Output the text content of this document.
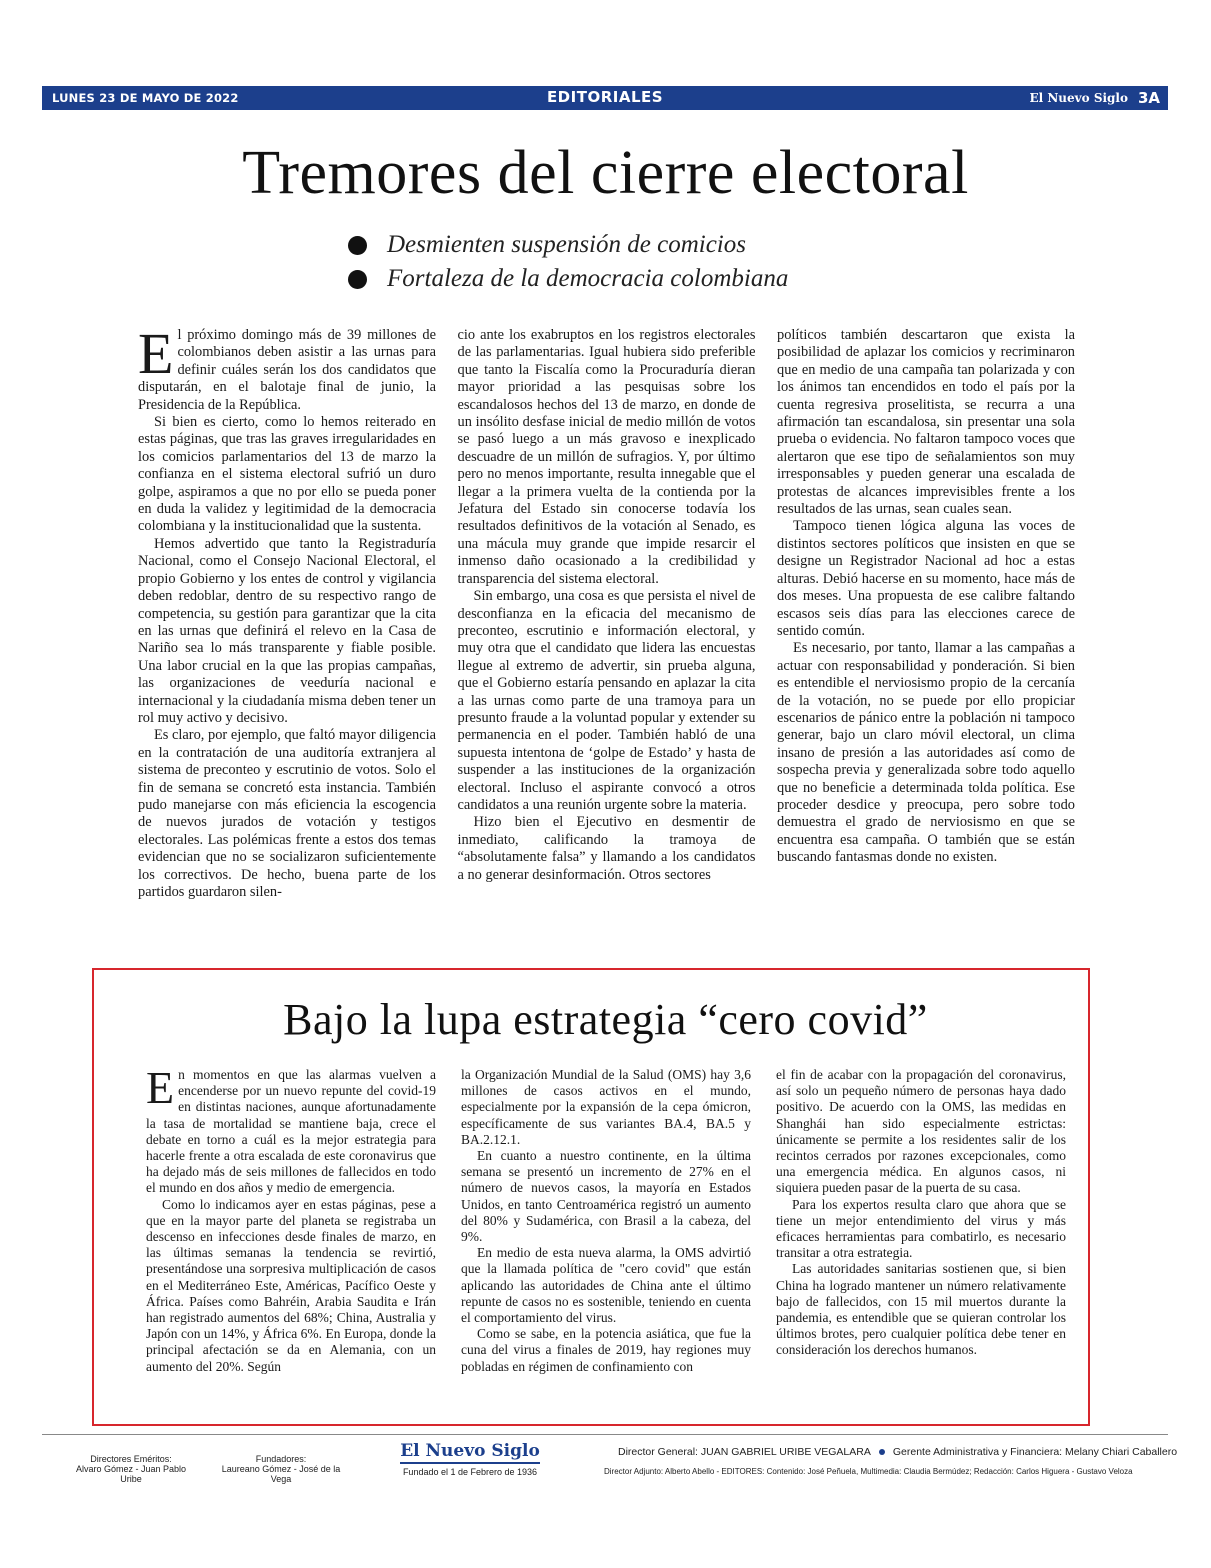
LUNES 23 DE MAYO DE 2022	EDITORIALES	El Nuevo Siglo 3A
Tremores del cierre electoral
Desmienten suspensión de comicios
Fortaleza de la democracia colombiana

El próximo domingo más de 39 millones de colombianos deben asistir a las urnas para definir cuáles serán los dos candidatos que disputarán, en el balotaje final de junio, la Presidencia de la República.

Si bien es cierto, como lo hemos reiterado en estas páginas, que tras las graves irregularidades en los comicios parlamentarios del 13 de marzo la confianza en el sistema electoral sufrió un duro golpe, aspiramos a que no por ello se pueda poner en duda la validez y legitimidad de la democracia colombiana y la institucionalidad que la sustenta.

Hemos advertido que tanto la Registraduría Nacional, como el Consejo Nacional Electoral, el propio Gobierno y los entes de control y vigilancia deben redoblar, dentro de su respectivo rango de competencia, su gestión para garantizar que la cita en las urnas que definirá el relevo en la Casa de Nariño sea lo más transparente y fiable posible. Una labor crucial en la que las propias campañas, las organizaciones de veeduría nacional e internacional y la ciudadanía misma deben tener un rol muy activo y decisivo.

Es claro, por ejemplo, que faltó mayor diligencia en la contratación de una auditoría extranjera al sistema de preconteo y escrutinio de votos. Solo el fin de semana se concretó esta instancia. También pudo manejarse con más eficiencia la escogencia de nuevos jurados de votación y testigos electorales. Las polémicas frente a estos dos temas evidencian que no se socializaron suficientemente los correctivos. De hecho, buena parte de los partidos guardaron silen-

cio ante los exabruptos en los registros electorales de las parlamentarias. Igual hubiera sido preferible que tanto la Fiscalía como la Procuraduría dieran mayor prioridad a las pesquisas sobre los escandalosos hechos del 13 de marzo, en donde de un insólito desfase inicial de medio millón de votos se pasó luego a un más gravoso e inexplicado descuadre de un millón de sufragios. Y, por último pero no menos importante, resulta innegable que el llegar a la primera vuelta de la contienda por la Jefatura del Estado sin conocerse todavía los resultados definitivos de la votación al Senado, es una mácula muy grande que impide resarcir el inmenso daño ocasionado a la credibilidad y transparencia del sistema electoral.

Sin embargo, una cosa es que persista el nivel de desconfianza en la eficacia del mecanismo de preconteo, escrutinio e información electoral, y muy otra que el candidato que lidera las encuestas llegue al extremo de advertir, sin prueba alguna, que el Gobierno estaría pensando en aplazar la cita a las urnas como parte de una tramoya para un presunto fraude a la voluntad popular y extender su permanencia en el poder. También habló de una supuesta intentona de ‘golpe de Estado’ y hasta de suspender a las instituciones de la organización electoral. Incluso el aspirante convocó a otros candidatos a una reunión urgente sobre la materia.

Hizo bien el Ejecutivo en desmentir de inmediato, calificando la tramoya de “absolutamente falsa” y llamando a los candidatos a no generar desinformación. Otros sectores

políticos también descartaron que exista la posibilidad de aplazar los comicios y recriminaron que en medio de una campaña tan polarizada y con los ánimos tan encendidos en todo el país por la cuenta regresiva proselitista, se recurra a una afirmación tan escandalosa, sin presentar una sola prueba o evidencia. No faltaron tampoco voces que alertaron que ese tipo de señalamientos son muy irresponsables y pueden generar una escalada de protestas de alcances imprevisibles frente a los resultados de las urnas, sean cuales sean.

Tampoco tienen lógica alguna las voces de distintos sectores políticos que insisten en que se designe un Registrador Nacional ad hoc a estas alturas. Debió hacerse en su momento, hace más de dos meses. Una propuesta de ese calibre faltando escasos seis días para las elecciones carece de sentido común.

Es necesario, por tanto, llamar a las campañas a actuar con responsabilidad y ponderación. Si bien es entendible el nerviosismo propio de la cercanía de la votación, no se puede por ello propiciar escenarios de pánico entre la población ni tampoco generar, bajo un claro móvil electoral, un clima insano de presión a las autoridades así como de sospecha previa y generalizada sobre todo aquello que no beneficie a determinada tolda política. Ese proceder desdice y preocupa, pero sobre todo demuestra el grado de nerviosismo en que se encuentra esa campaña. O también que se están buscando fantasmas donde no existen.

Bajo la lupa estrategia “cero covid”

En momentos en que las alarmas vuelven a encenderse por un nuevo repunte del covid-19 en distintas naciones, aunque afortunadamente la tasa de mortalidad se mantiene baja, crece el debate en torno a cuál es la mejor estrategia para hacerle frente a otra escalada de este coronavirus que ha dejado más de seis millones de fallecidos en todo el mundo en dos años y medio de emergencia.

Como lo indicamos ayer en estas páginas, pese a que en la mayor parte del planeta se registraba un descenso en infecciones desde finales de marzo, en las últimas semanas la tendencia se revirtió, presentándose una sorpresiva multiplicación de casos en el Mediterráneo Este, Américas, Pacífico Oeste y África. Países como Bahréin, Arabia Saudita e Irán han registrado aumentos del 68%; China, Australia y Japón con un 14%, y África 6%. En Europa, donde la principal afectación se da en Alemania, con un aumento del 20%. Según

la Organización Mundial de la Salud (OMS) hay 3,6 millones de casos activos en el mundo, especialmente por la expansión de la cepa ómicron, específicamente de sus variantes BA.4, BA.5 y BA.2.12.1.

En cuanto a nuestro continente, en la última semana se presentó un incremento de 27% en el número de nuevos casos, la mayoría en Estados Unidos, en tanto Centroamérica registró un aumento del 80% y Sudamérica, con Brasil a la cabeza, del 9%.

En medio de esta nueva alarma, la OMS advirtió que la llamada política de "cero covid" que están aplicando las autoridades de China ante el último repunte de casos no es sostenible, teniendo en cuenta el comportamiento del virus.

Como se sabe, en la potencia asiática, que fue la cuna del virus a finales de 2019, hay regiones muy pobladas en régimen de confinamiento con

el fin de acabar con la propagación del coronavirus, así solo un pequeño número de personas haya dado positivo. De acuerdo con la OMS, las medidas en Shanghái han sido especialmente estrictas: únicamente se permite a los residentes salir de los recintos cerrados por razones excepcionales, como una emergencia médica. En algunos casos, ni siquiera pueden pasar de la puerta de su casa.

Para los expertos resulta claro que ahora que se tiene un mejor entendimiento del virus y más eficaces herramientas para combatirlo, es necesario transitar a otra estrategia.

Las autoridades sanitarias sostienen que, si bien China ha logrado mantener un número relativamente bajo de fallecidos, con 15 mil muertos durante la pandemia, es entendible que se quieran controlar los últimos brotes, pero cualquier política debe tener en consideración los derechos humanos.

Directores Eméritos:
Alvaro Gómez - Juan Pablo Uribe
Fundadores:
Laureano Gómez - José de la Vega
El Nuevo Siglo
Fundado el 1 de Febrero de 1936
Director General: JUAN GABRIEL URIBE VEGALARA Gerente Administrativa y Financiera: Melany Chiari Caballero
Director Adjunto: Alberto Abello - EDITORES: Contenido: José Peñuela, Multimedia: Claudia Bermúdez; Redacción: Carlos Higuera - Gustavo Veloza
